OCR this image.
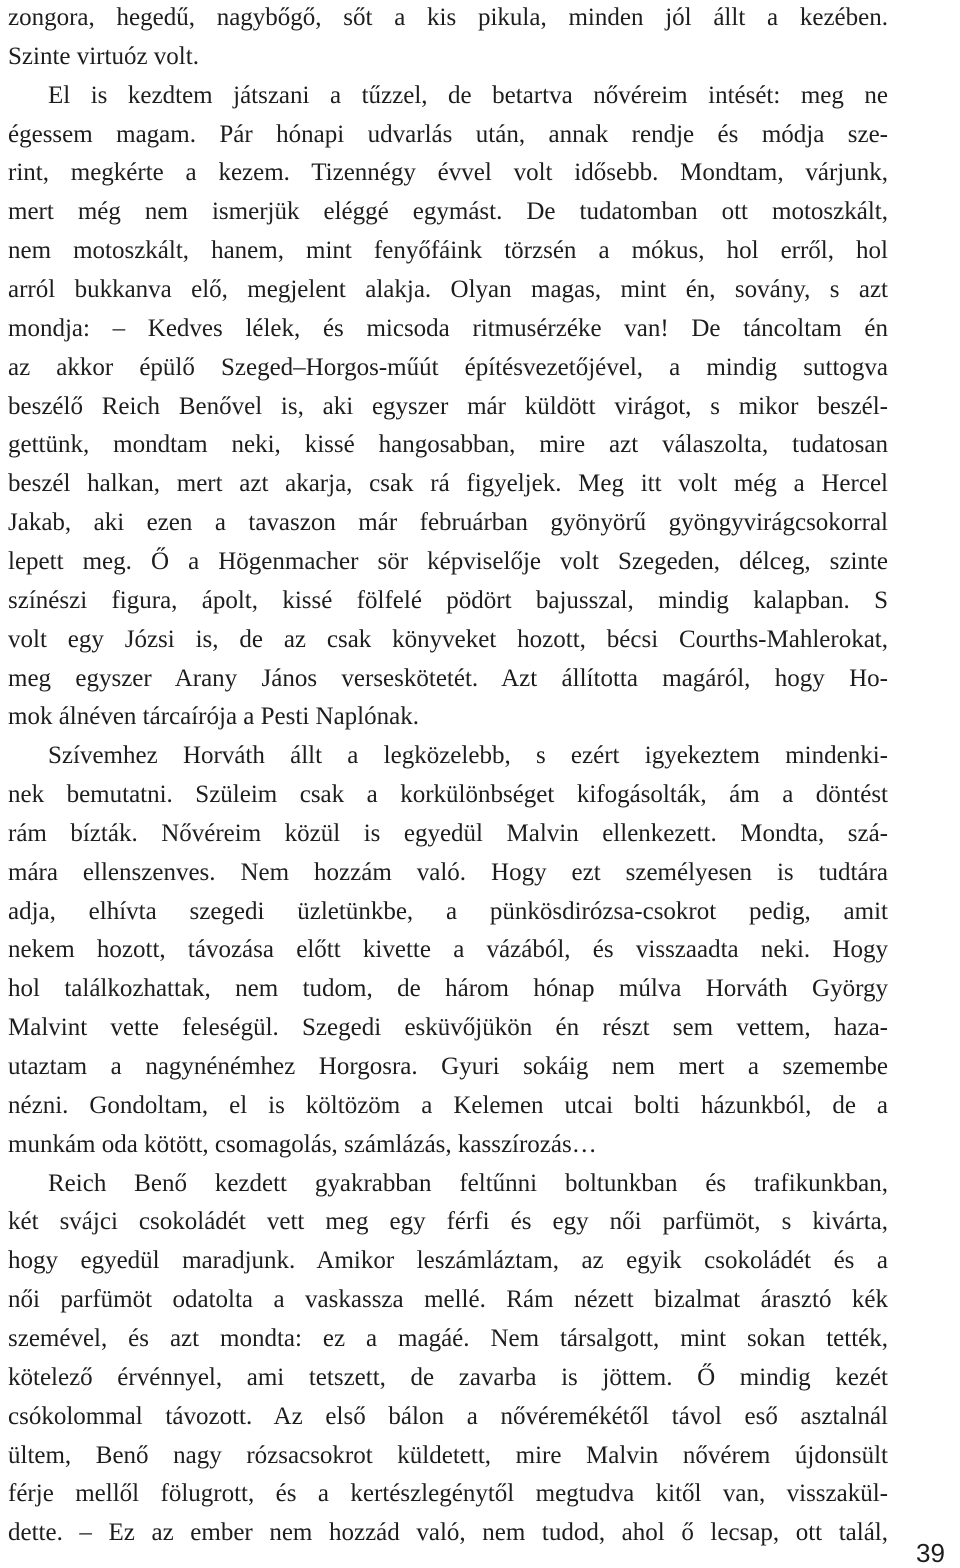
zongora, hegedű, nagybőgő, sőt a kis pikula, minden jól állt a kezében.
Szinte virtuóz volt.
El is kezdtem játszani a tűzzel, de betartva nővéreim intését: meg ne
égessem magam. Pár hónapi udvarlás után, annak rendje és módja sze-
rint, megkérte a kezem. Tizennégy évvel volt idősebb. Mondtam, várjunk,
mert még nem ismerjük eléggé egymást. De tudatomban ott motoszkált,
nem motoszkált, hanem, mint fenyőfáink törzsén a mókus, hol erről, hol
arról bukkanva elő, megjelent alakja. Olyan magas, mint én, sovány, s azt
mondja: – Kedves lélek, és micsoda ritmusérzéke van! De táncoltam én
az akkor épülő Szeged–Horgos-műút építésvezetőjével, a mindig suttogva
beszélő Reich Benővel is, aki egyszer már küldött virágot, s mikor beszél-
gettünk, mondtam neki, kissé hangosabban, mire azt válaszolta, tudatosan
beszél halkan, mert azt akarja, csak rá figyeljek. Meg itt volt még a Hercel
Jakab, aki ezen a tavaszon már februárban gyönyörű gyöngyvirágcsokorral
lepett meg. Ő a Högenmacher sör képviselője volt Szegeden, délceg, szinte
színészi figura, ápolt, kissé fölfelé pödört bajusszal, mindig kalapban. S
volt egy Józsi is, de az csak könyveket hozott, bécsi Courths-Mahlerokat,
meg egyszer Arany János verseskötetét. Azt állította magáról, hogy Ho-
mok álnéven tárcaírója a Pesti Naplónak.
Szívemhez Horváth állt a legközelebb, s ezért igyekeztem mindenki-
nek bemutatni. Szüleim csak a korkülönbséget kifogásolták, ám a döntést
rám bízták. Nővéreim közül is egyedül Malvin ellenkezett. Mondta, szá-
mára ellenszenves. Nem hozzám való. Hogy ezt személyesen is tudtára
adja, elhívta szegedi üzletünkbe, a pünkösdirózsa-csokrot pedig, amit
nekem hozott, távozása előtt kivette a vázából, és visszaadta neki. Hogy
hol találkozhattak, nem tudom, de három hónap múlva Horváth György
Malvint vette feleségül. Szegedi esküvőjükön én részt sem vettem, haza-
utaztam a nagynénémhez Horgosra. Gyuri sokáig nem mert a szemembe
nézni. Gondoltam, el is költözöm a Kelemen utcai bolti házunkból, de a
munkám oda kötött, csomagolás, számlázás, kasszírozás…
Reich Benő kezdett gyakrabban feltűnni boltunkban és trafikunkban,
két svájci csokoládét vett meg egy férfi és egy női parfümöt, s kivárta,
hogy egyedül maradjunk. Amikor leszámláztam, az egyik csokoládét és a
női parfümöt odatolta a vaskassza mellé. Rám nézett bizalmat árasztó kék
szemével, és azt mondta: ez a magáé. Nem társalgott, mint sokan tették,
kötelező érvénnyel, ami tetszett, de zavarba is jöttem. Ő mindig kezét
csókolommal távozott. Az első bálon a nővéremékétől távol eső asztalnál
ültem, Benő nagy rózsacsokrot küldetett, mire Malvin nővérem újdonsült
férje mellől fölugrott, és a kertészlegénytől megtudva kitől van, visszakül-
dette. – Ez az ember nem hozzád való, nem tudod, ahol ő lecsap, ott talál,
39
